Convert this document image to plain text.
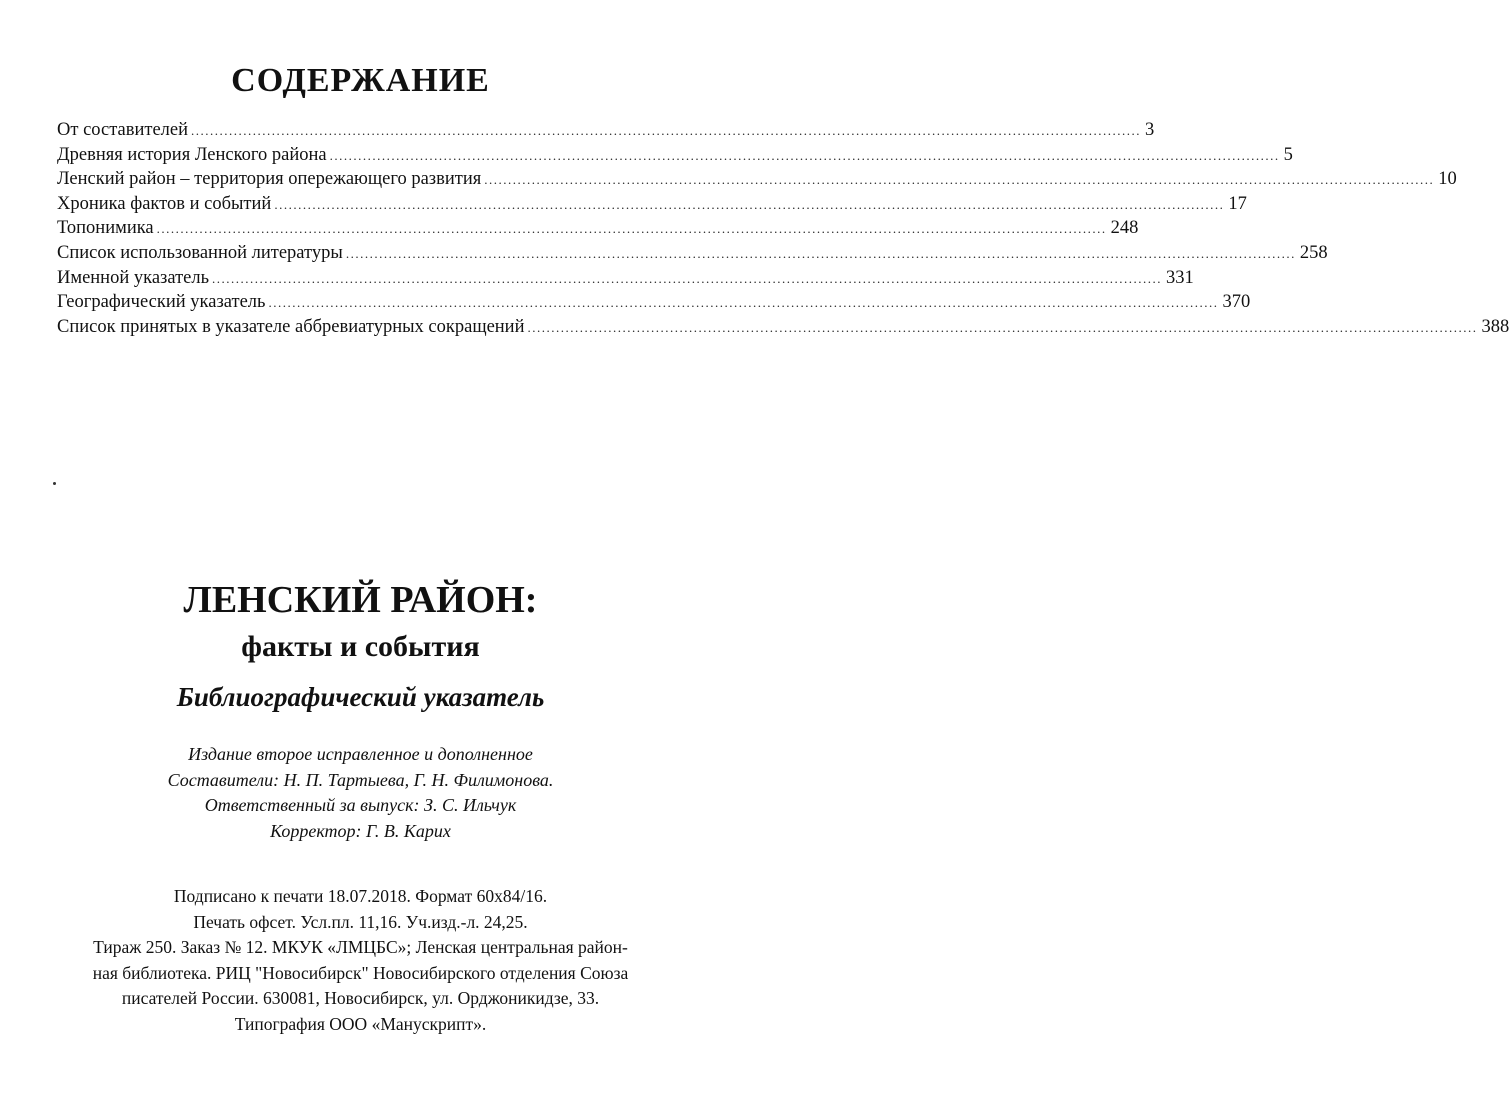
СОДЕРЖАНИЕ
От составителей ........................................................................................................................................................................................................ 3
Древняя история Ленского района ........................................................................................................................................................................................................ 5
Ленский район – территория опережающего развития ........................................................................................................................................................................................................ 10
Хроника фактов и событий ........................................................................................................................................................................................................ 17
Топонимика ........................................................................................................................................................................................................ 248
Список использованной литературы ........................................................................................................................................................................................................ 258
Именной указатель ........................................................................................................................................................................................................ 331
Географический указатель ........................................................................................................................................................................................................ 370
Список принятых в указателе аббревиатурных сокращений ........................................................................................................................................................................................................ 388
ЛЕНСКИЙ РАЙОН:
факты и события
Библиографический указатель
Издание второе исправленное и дополненное
Составители: Н. П. Тартыева, Г. Н. Филимонова.
Ответственный за выпуск: З. С. Ильчук
Корректор: Г. В. Карих
Подписано к печати 18.07.2018. Формат 60х84/16.
Печать офсет. Усл.пл. 11,16. Уч.изд.-л. 24,25.
Тираж 250. Заказ № 12. МКУК «ЛМЦБС»; Ленская центральная район-
ная библиотека. РИЦ "Новосибирск" Новосибирского отделения Союза
писателей России. 630081, Новосибирск, ул. Орджоникидзе, 33.
Типография ООО «Манускрипт».
